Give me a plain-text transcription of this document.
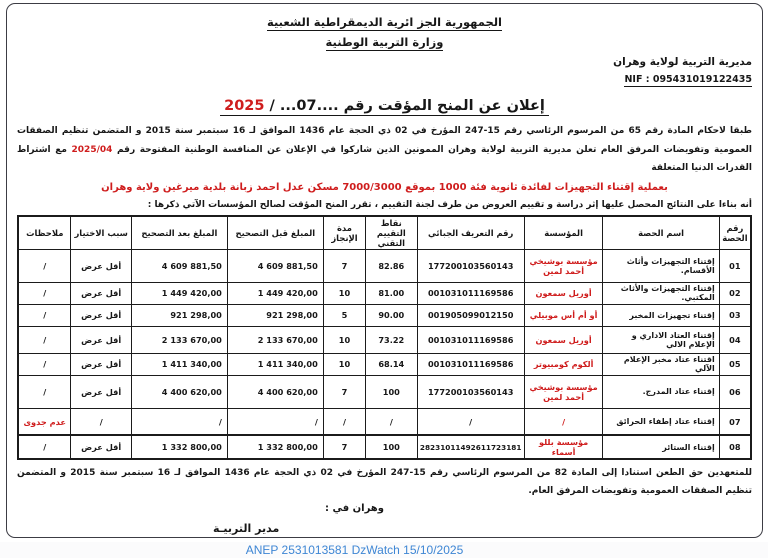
الجمهورية الجز ائرية الديمقراطية الشعبية
وزارة التربية الوطنية
مديرية التربية لولاية وهران
NIF : 095431019122435
إعلان عن المنح المؤقت رقم ....07... / 2025
طبقا لاحكام المادة رقم 65 من المرسوم الرئاسي رقم 15-247 المؤرخ في 02 ذي الحجة عام 1436 الموافق لـ 16 سبتمبر سنة 2015 و المتضمن تنظيم الصفقات العمومية وتفويضات المرفق العام تعلن مديرية التربية لولاية وهران الممونين الذين شاركوا في الإعلان عن المنافسة الوطنية المفتوحة رقم 2025/04 مع اشتراط القدرات الدنيا المتعلقة
بعملية إقتناء التجهيزات لفائدة ثانوية فئة 1000 بموقع 7000/3000 مسكن عدل احمد زبانة بلدية ميرغين ولاية وهران
أنه بناءا على النتائج المحصل عليها إثر دراسة و تقييم العروض من طرف لجنة التقييم ، تقرر المنح المؤقت لصالح المؤسسات الآتي ذكرها :
رقم الحصة	اسم الحصة	المؤسسة	رقم التعريف الجبائي	نقاط التقييم التقني	مدة الإنجاز	المبلغ قبل التصحيح	المبلغ بعد التصحيح	سبب الاختيار	ملاحظات
01	إقتناء التجهيزات وأثاث الأقسام.	مؤسسة بوشيخي أحمد لمين	177200103560143	82.86	7	4 609 881,50	4 609 881,50	أقل عرض	/
02	إقتناء التجهيزات والأثاث المكتبي.	أوريل سمعون	001031011169586	81.00	10	1 449 420,00	1 449 420,00	أقل عرض	/
03	إقتناء تجهيزات المخبر	أو أم أس موبيلي	001905099012150	90.00	5	921 298,00	921 298,00	أقل عرض	/
04	إقتناء العتاد الاداري و الإعلام الالي	أوريل سمعون	001031011169586	73.22	10	2 133 670,00	2 133 670,00	أقل عرض	/
05	اقتناء عتاد مخبر الإعلام الآلي	ألكوم كومبيوتر	001031011169586	68.14	10	1 411 340,00	1 411 340,00	أقل عرض	/
06	إقتناء عتاد المدرج.	مؤسسة بوشيخي أحمد لمين	177200103560143	100	7	4 400 620,00	4 400 620,00	أقل عرض	/
07	إقتناء عتاد إطفاء الحرائق	/	/	/	/	/	/	/	عدم جدوى
08	إقتناء الستائر	مؤسسة بللو أسماء	28231011492611723181	100	7	1 332 800,00	1 332 800,00	أقل عرض	/
للمتعهدين حق الطعن استنادا إلى المادة 82 من المرسوم الرئاسي رقم 15-247 المؤرخ في 02 ذي الحجة عام 1436 الموافق لـ 16 سبتمبر سنة 2015 و المتضمن تنظيم الصفقات العمومية وتفويضات المرفق العام.
وهران في :
مدير التربيـة
ANEP 2531013581 DzWatch 15/10/2025
